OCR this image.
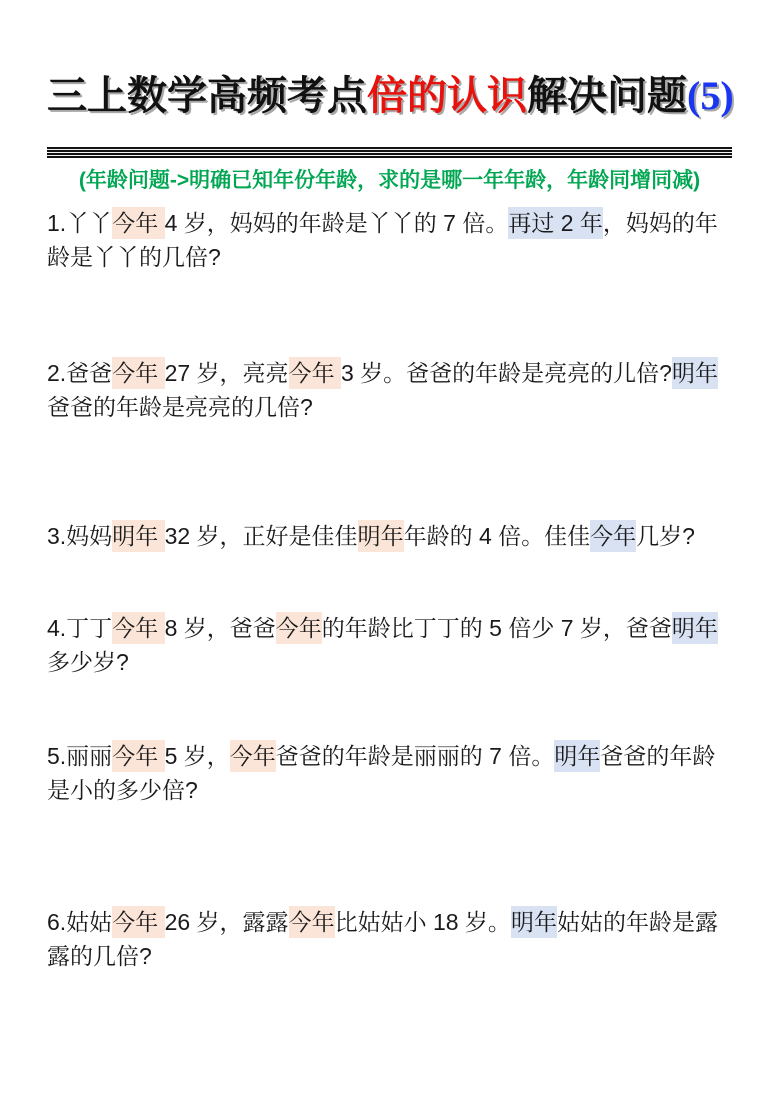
三上数学高频考点倍的认识解决问题(5)
(年龄问题->明确已知年份年龄，求的是哪一年年龄，年龄同增同减)

1.丫丫今年 4 岁，妈妈的年龄是丫丫的 7 倍。再过 2 年，妈妈的年龄是丫丫的几倍?

2.爸爸今年 27 岁，亮亮今年 3 岁。爸爸的年龄是亮亮的儿倍?明年爸爸的年龄是亮亮的几倍?

3.妈妈明年 32 岁，正好是佳佳明年年龄的 4 倍。佳佳今年几岁?

4.丁丁今年 8 岁，爸爸今年的年龄比丁丁的 5 倍少 7 岁，爸爸明年多少岁?

5.丽丽今年 5 岁，今年爸爸的年龄是丽丽的 7 倍。明年爸爸的年龄是小的多少倍?

6.姑姑今年 26 岁，露露今年比姑姑小 18 岁。明年姑姑的年龄是露露的几倍?
